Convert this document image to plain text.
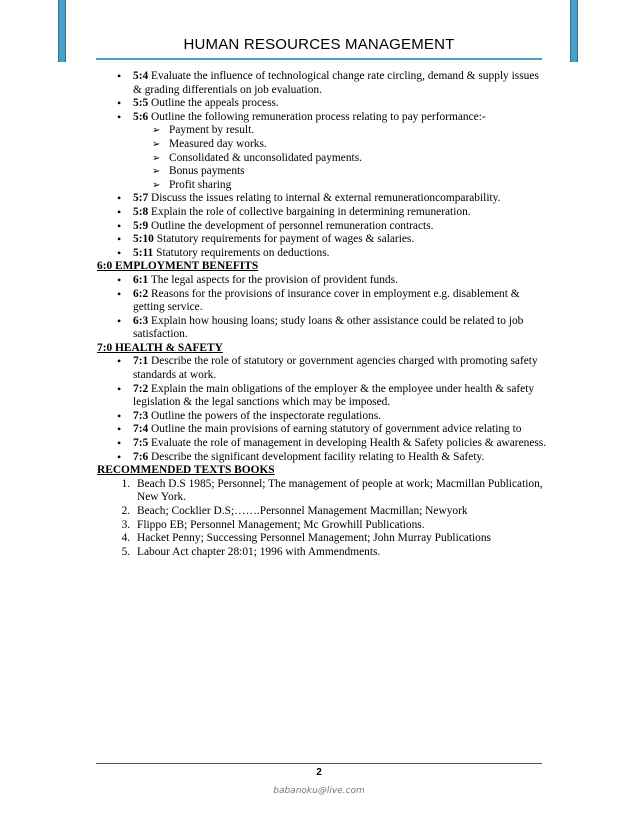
HUMAN RESOURCES MANAGEMENT
• 5:4 Evaluate the influence of technological change rate circling, demand & supply issues & grading differentials on job evaluation.
• 5:5 Outline the appeals process.
• 5:6 Outline the following remuneration process relating to pay performance:-
➢ Payment by result.
➢ Measured day works.
➢ Consolidated & unconsolidated payments.
➢ Bonus payments
➢ Profit sharing
• 5:7 Discuss the issues relating to internal & external remunerationcomparability.
• 5:8 Explain the role of collective bargaining in determining remuneration.
• 5:9 Outline the development of personnel remuneration contracts.
• 5:10 Statutory requirements for payment of wages & salaries.
• 5:11 Statutory requirements on deductions.
6:0 EMPLOYMENT BENEFITS
• 6:1 The legal aspects for the provision of provident funds.
• 6:2 Reasons for the provisions of insurance cover in employment e.g. disablement & getting service.
• 6:3 Explain how housing loans; study loans & other assistance could be related to job satisfaction.
7:0 HEALTH & SAFETY
• 7:1 Describe the role of statutory or government agencies charged with promoting safety standards at work.
• 7:2 Explain the main obligations of the employer & the employee under health & safety legislation & the legal sanctions which may be imposed.
• 7:3 Outline the powers of the inspectorate regulations.
• 7:4 Outline the main provisions of earning statutory of government advice relating to
• 7:5 Evaluate the role of management in developing Health & Safety policies & awareness.
• 7:6 Describe the significant development facility relating to Health & Safety.
RECOMMENDED TEXTS BOOKS
1. Beach D.S 1985; Personnel; The management of people at work; Macmillan Publication, New York.
2. Beach; Cocklier D.S;…….Personnel Management Macmillan; Newyork
3. Flippo EB; Personnel Management; Mc Growhill Publications.
4. Hacket Penny; Successing Personnel Management; John Murray Publications
5. Labour Act chapter 28:01; 1996 with Ammendments.
2
babanoku@live.com
